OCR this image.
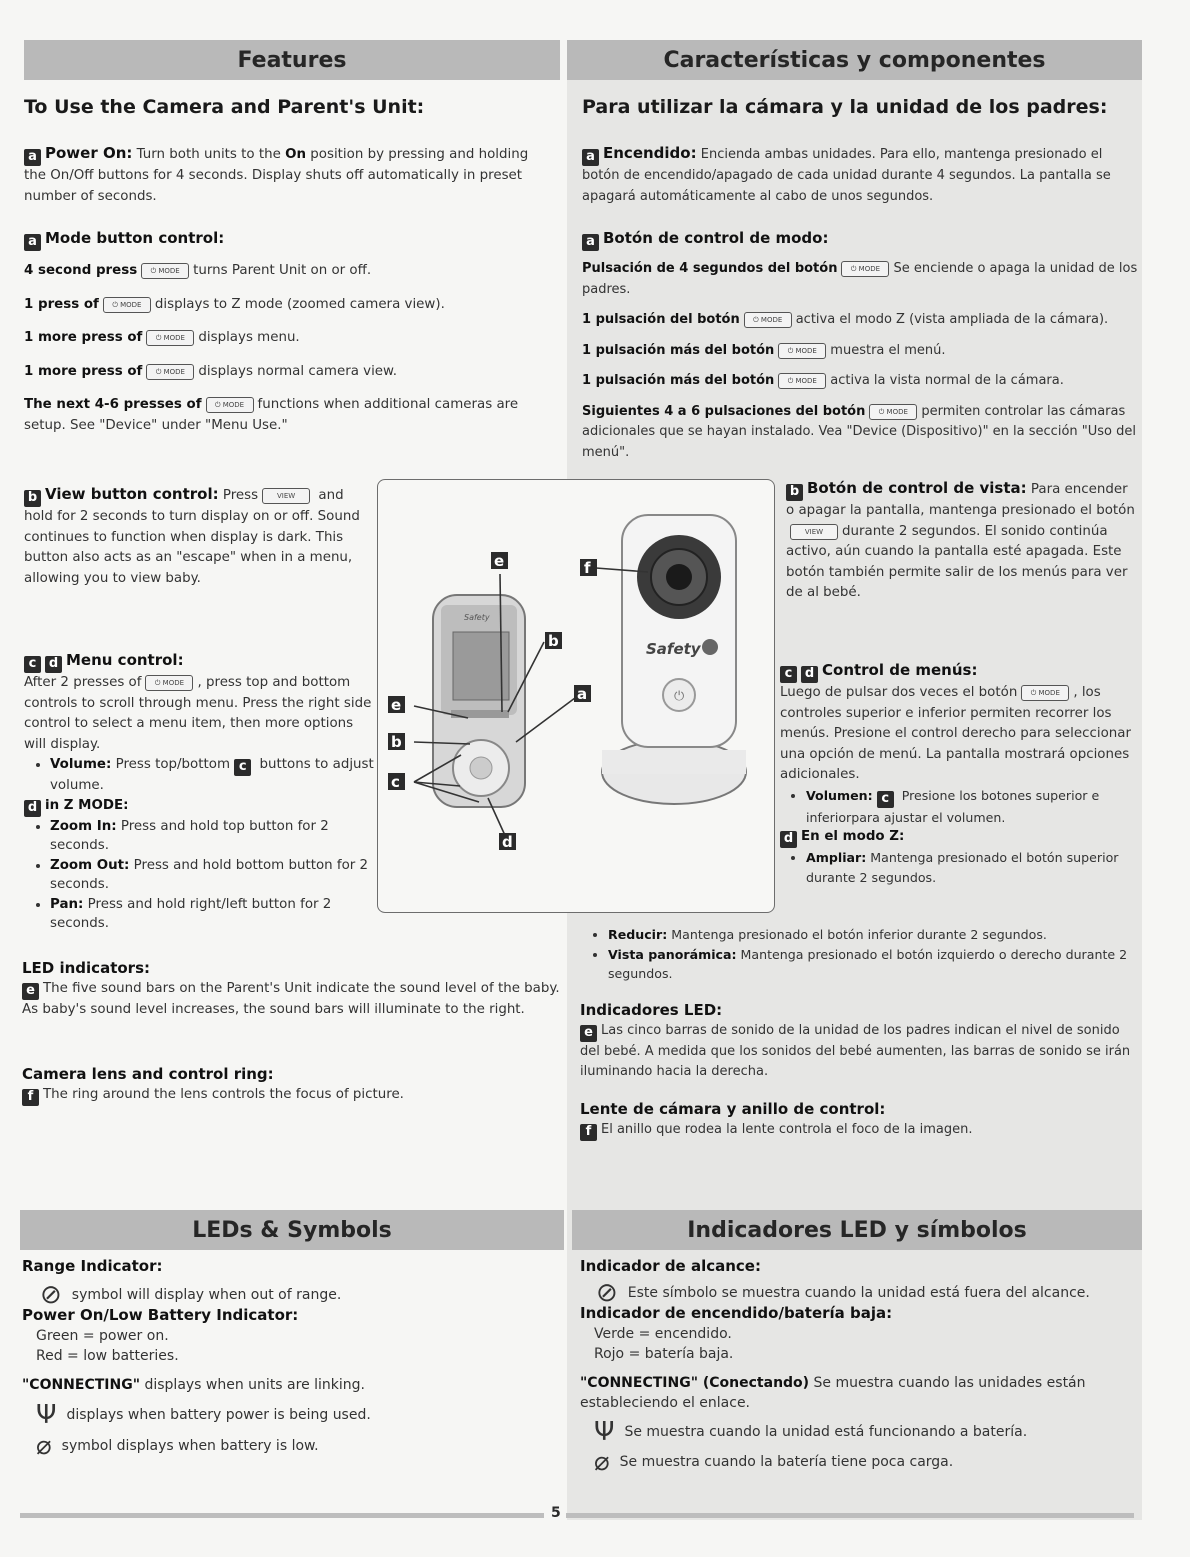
Features	Características y componentes
To Use the Camera and Parent's Unit:
a Power On: Turn both units to the On position by pressing and holding the On/Off buttons for 4 seconds. Display shuts off automatically in preset number of seconds.
a Mode button control:
4 second press ⏻ MODE turns Parent Unit on or off.
1 press of ⏻ MODE displays to Z mode (zoomed camera view).
1 more press of ⏻ MODE displays menu.
1 more press of ⏻ MODE displays normal camera view.
The next 4-6 presses of ⏻ MODE functions when additional cameras are setup. See "Device" under "Menu Use."
b View button control: Press	VIEW and hold for 2 seconds to turn display on or off. Sound continues to function when display is dark. This button also acts as an "escape" when in a menu, allowing you to view baby.
c d Menu control:
After 2 presses of ⏻ MODE , press top and bottom controls to scroll through menu. Press the right side control to select a menu item, then more options will display.
• Volume: Press top/bottom c buttons to adjust volume.
d in Z MODE:
• Zoom In: Press and hold top button for 2 seconds.
• Zoom Out: Press and hold bottom button for 2 seconds.
• Pan: Press and hold right/left button for 2 seconds.
LED indicators:
e The five sound bars on the Parent's Unit indicate the sound level of the baby. As baby's sound level increases, the sound bars will illuminate to the right.
Camera lens and control ring:
f The ring around the lens controls the focus of picture.
Para utilizar la cámara y la unidad de los padres:
a Encendido: Encienda ambas unidades. Para ello, mantenga presionado el botón de encendido/apagado de cada unidad durante 4 segundos. La pantalla se apagará automáticamente al cabo de unos segundos.
a Botón de control de modo:
Pulsación de 4 segundos del botón ⏻ MODE Se enciende o apaga la unidad de los padres.
1 pulsación del botón ⏻ MODE activa el modo Z (vista ampliada de la cámara).
1 pulsación más del botón ⏻ MODE muestra el menú.
1 pulsación más del botón ⏻ MODE activa la vista normal de la cámara.
Siguientes 4 a 6 pulsaciones del botón ⏻ MODE permiten controlar las cámaras adicionales que se hayan instalado. Vea "Device (Dispositivo)" en la sección "Uso del menú".
b Botón de control de vista: Para encender o apagar la pantalla, mantenga presionado el botónVIEW durante 2 segundos. El sonido continúa activo, aún cuando la pantalla esté apagada. Este botón también permite salir de los menús para ver de al bebé.
c d Control de menús:
Luego de pulsar dos veces el botón ⏻ MODE , los controles superior e inferior permiten recorrer los menús. Presione el control derecho para seleccionar una opción de menú. La pantalla mostrará opciones adicionales.
• Volumen: c Presione los botones superior e inferiorpara ajustar el volumen.
d En el modo Z:
• Ampliar: Mantenga presionado el botón superior durante 2 segundos.
• Reducir: Mantenga presionado el botón inferior durante 2 segundos.
• Vista panorámica: Mantenga presionado el botón izquierdo o derecho durante 2 segundos.
Indicadores LED:
e Las cinco barras de sonido de la unidad de los padres indican el nivel de sonido del bebé. A medida que los sonidos del bebé aumenten, las barras de sonido se irán iluminando hacia la derecha.
Lente de cámara y anillo de control:
f El anillo que rodea la lente controla el foco de la imagen.
Safety
⏻
Safety
e	f
b
a
e
b
c
d
LEDs & Symbols	Indicadores LED y símbolos
Range Indicator:
⊘ symbol will display when out of range.
Power On/Low Battery Indicator:
Green = power on.
Red = low batteries.
"CONNECTING" displays when units are linking.
Ψdisplays when battery power is being used.
⌀ symbol displays when battery is low.
Indicador de alcance:
⊘ Este símbolo se muestra cuando la unidad está fuera del alcance.
Indicador de encendido/batería baja:
Verde = encendido.
Rojo = batería baja.
"CONNECTING" (Conectando) Se muestra cuando las unidades están estableciendo el enlace.
Ψ Se muestra cuando la unidad está funcionando a batería.
⌀ Se muestra cuando la batería tiene poca carga.
5
